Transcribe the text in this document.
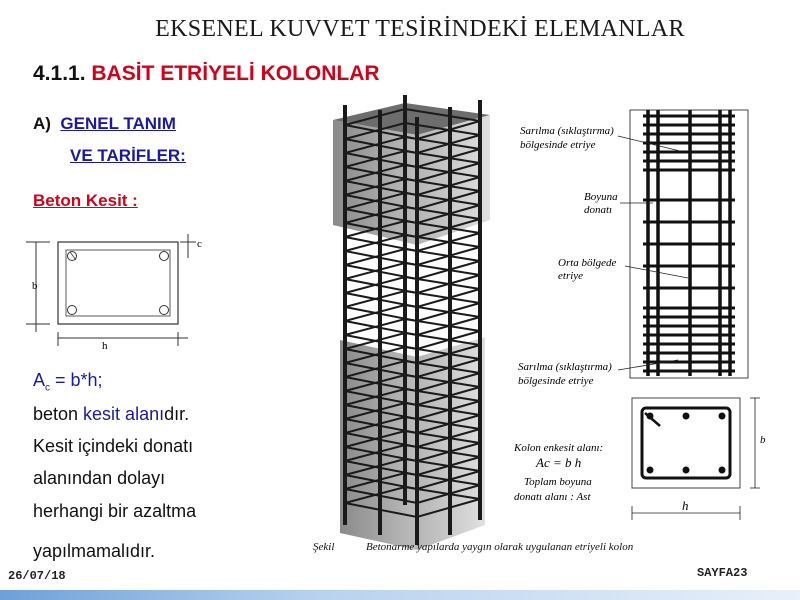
EKSENEL KUVVET TESİRİNDEKİ ELEMANLAR
4.1.1. BASİT ETRİYELİ KOLONLAR
A) GENEL TANIM
VE TARİFLER:
Beton Kesit :
c
b
h
$A_c = b*h$;
beton kesit alanıdır.
Kesit içindeki donatı
alanından dolayı
herhangi bir azaltma
yapılmamalıdır.
Sarılma (sıklaştırma)
bölgesinde etriye
Boyuna
donatı
Orta bölgede
etriye
Sarılma (sıklaştırma)
bölgesinde etriye
b
h
Kolon enkesit alanı:
Ac = b h
Toplam boyuna
donatı alanı : Ast
Şekil	Betonarme yapılarda yaygın olarak uygulanan etriyeli kolon
26/07/18	SAYFA23
